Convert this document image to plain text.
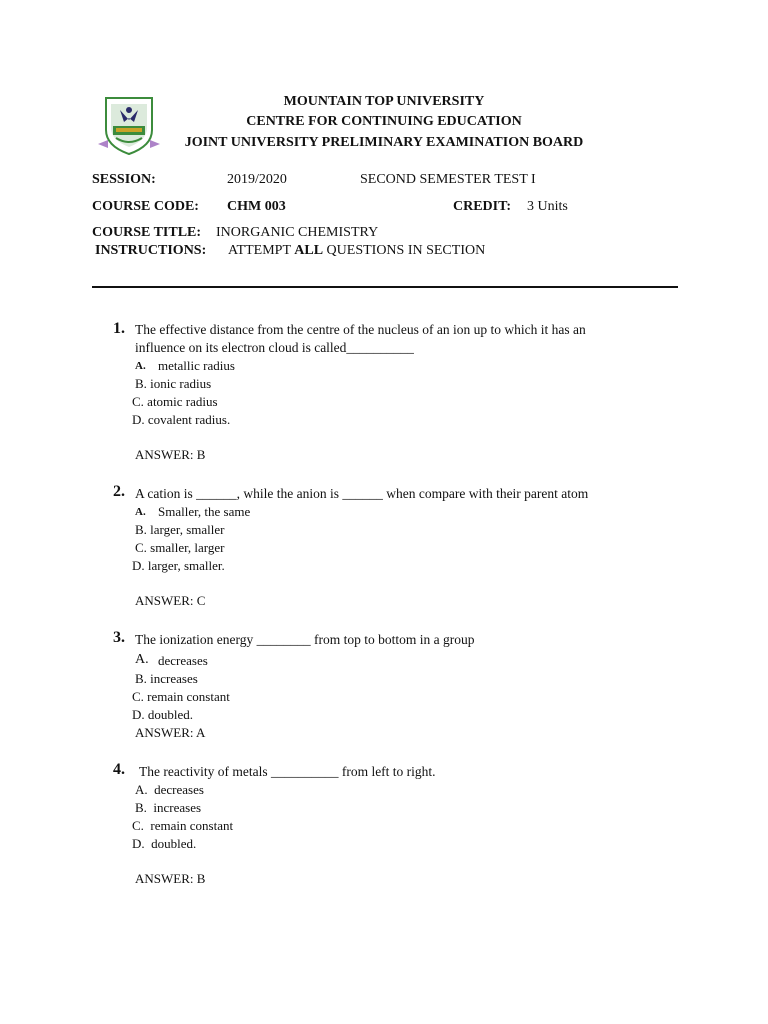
MOUNTAIN TOP UNIVERSITY
CENTRE FOR CONTINUING EDUCATION
JOINT UNIVERSITY PRELIMINARY EXAMINATION BOARD
SESSION:	2019/2020	SECOND SEMESTER TEST I
COURSE CODE: CHM 003	CREDIT: 3 Units
COURSE TITLE: INORGANIC CHEMISTRY
INSTRUCTIONS: ATTEMPT ALL QUESTIONS IN SECTION
1. The effective distance from the centre of the nucleus of an ion up to which it has an
influence on its electron cloud is called__________
A. metallic radius
B. ionic radius
C. atomic radius
D. covalent radius.
ANSWER: B
2. A cation is ______, while the anion is ______ when compare with their parent atom
A. Smaller, the same
B. larger, smaller
C. smaller, larger
D. larger, smaller.
ANSWER: C
3. The ionization energy ________ from top to bottom in a group
A. decreases
B. increases
C. remain constant
D. doubled.
ANSWER: A
4. The reactivity of metals __________ from left to right.
A.  decreases
B.  increases
C.  remain constant
D.  doubled.
ANSWER: B
